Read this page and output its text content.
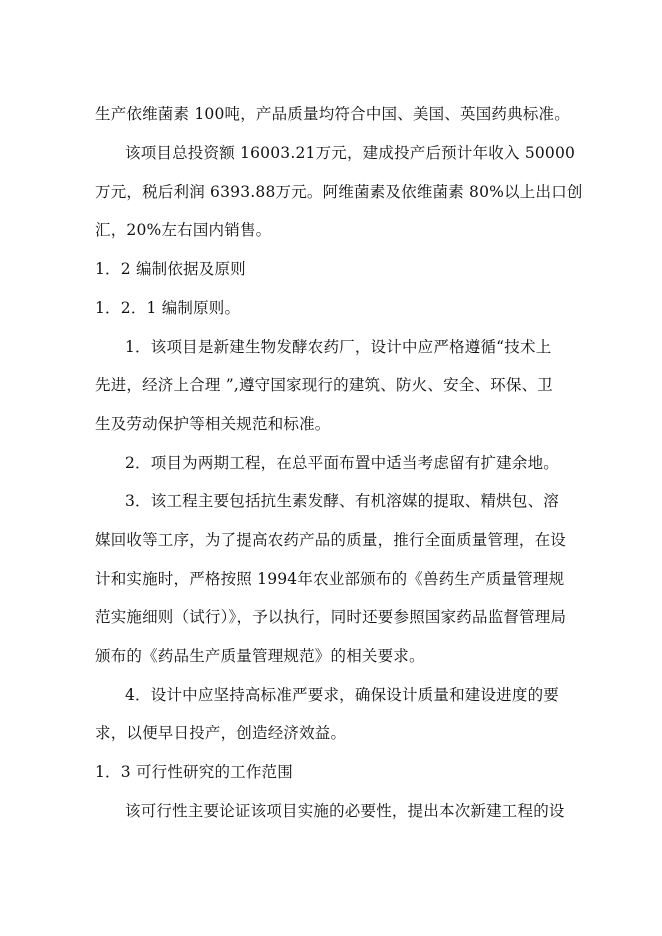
生产依维菌素 100吨，产品质量均符合中国、美国、英国药典标准。
该项目总投资额 16003.21万元，建成投产后预计年收入 50000
万元，税后利润 6393.88万元。阿维菌素及依维菌素 80%以上出口创
汇，20%左右国内销售。
1．2 编制依据及原则
1．2．1 编制原则。
1．该项目是新建生物发酵农药厂，设计中应严格遵循“技术上
先进，经济上合理 ”,遵守国家现行的建筑、防火、安全、环保、卫
生及劳动保护等相关规范和标准。
2．项目为两期工程，在总平面布置中适当考虑留有扩建余地。
3．该工程主要包括抗生素发酵、有机溶媒的提取、精烘包、溶
媒回收等工序，为了提高农药产品的质量，推行全面质量管理，在设
计和实施时，严格按照 1994年农业部颁布的《兽药生产质量管理规
范实施细则（试行）》，予以执行，同时还要参照国家药品监督管理局
颁布的《药品生产质量管理规范》的相关要求。
4．设计中应坚持高标准严要求，确保设计质量和建设进度的要
求，以便早日投产，创造经济效益。
1．3 可行性研究的工作范围
该可行性主要论证该项目实施的必要性，提出本次新建工程的设
